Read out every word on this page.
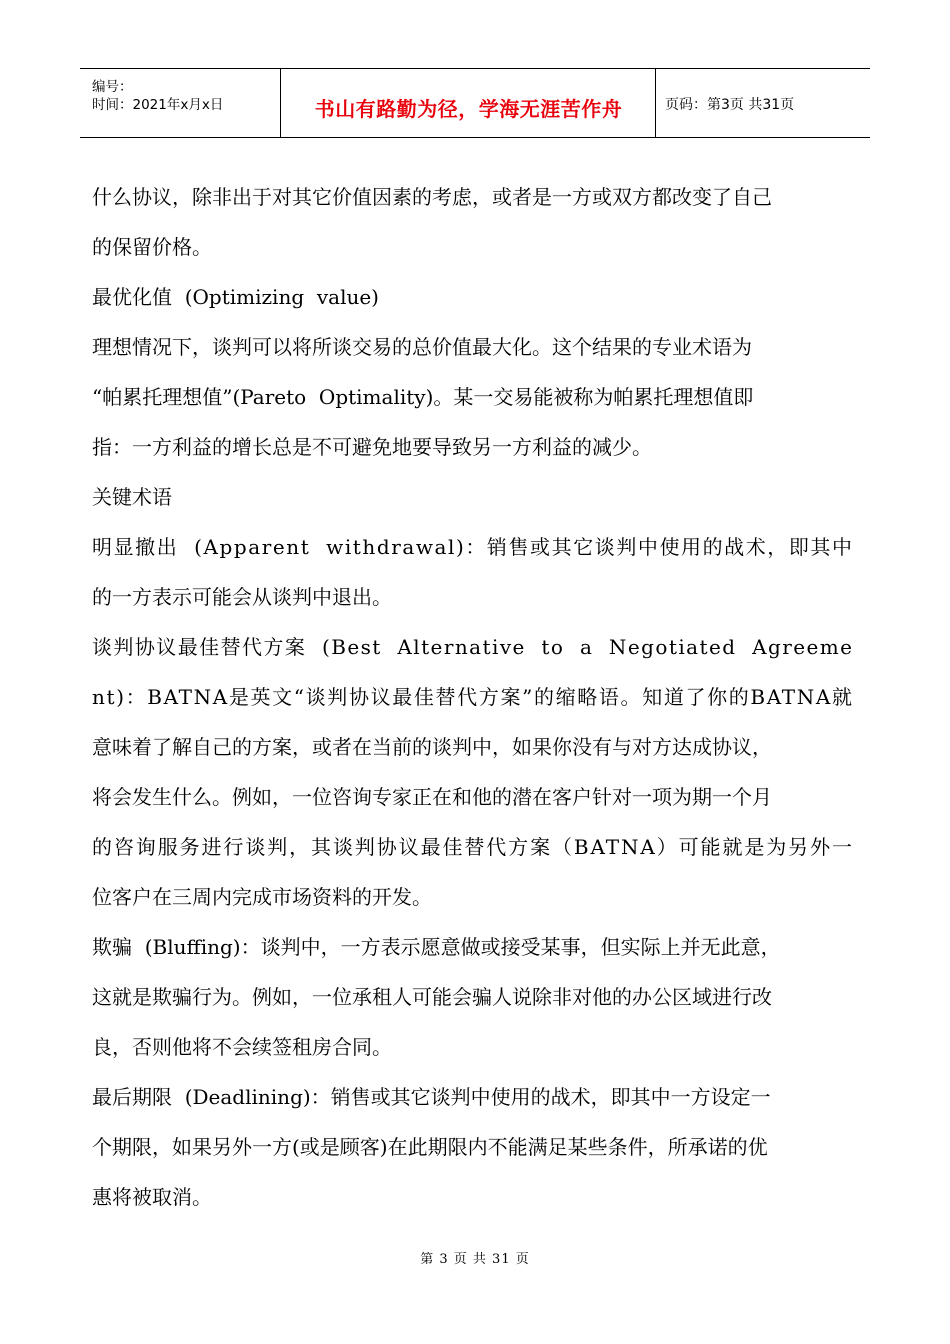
编号：
时间：2021年x月x日	书山有路勤为径，学海无涯苦作舟	页码：第3页 共31页
什么协议，除非出于对其它价值因素的考虑，或者是一方或双方都改变了自己
的保留价格。
最优化值  (Optimizing  value)
理想情况下，谈判可以将所谈交易的总价值最大化。这个结果的专业术语为
“帕累托理想值”(Pareto  Optimality)。某一交易能被称为帕累托理想值即
指：一方利益的增长总是不可避免地要导致另一方利益的减少。
关键术语
明显撤出  (Apparent  withdrawal)：销售或其它谈判中使用的战术，即其中
的一方表示可能会从谈判中退出。
谈判协议最佳替代方案  (Best  Alternative  to  a  Negotiated  Agreeme
nt)：BATNA是英文“谈判协议最佳替代方案”的缩略语。知道了你的BATNA就
意味着了解自己的方案，或者在当前的谈判中，如果你没有与对方达成协议，
将会发生什么。例如，一位咨询专家正在和他的潜在客户针对一项为期一个月
的咨询服务进行谈判，其谈判协议最佳替代方案（BATNA）可能就是为另外一
位客户在三周内完成市场资料的开发。
欺骗  (Bluffing)：谈判中，一方表示愿意做或接受某事，但实际上并无此意，
这就是欺骗行为。例如，一位承租人可能会骗人说除非对他的办公区域进行改
良，否则他将不会续签租房合同。
最后期限  (Deadlining)：销售或其它谈判中使用的战术，即其中一方设定一
个期限，如果另外一方(或是顾客)在此期限内不能满足某些条件，所承诺的优
惠将被取消。
第 3 页 共 31 页
